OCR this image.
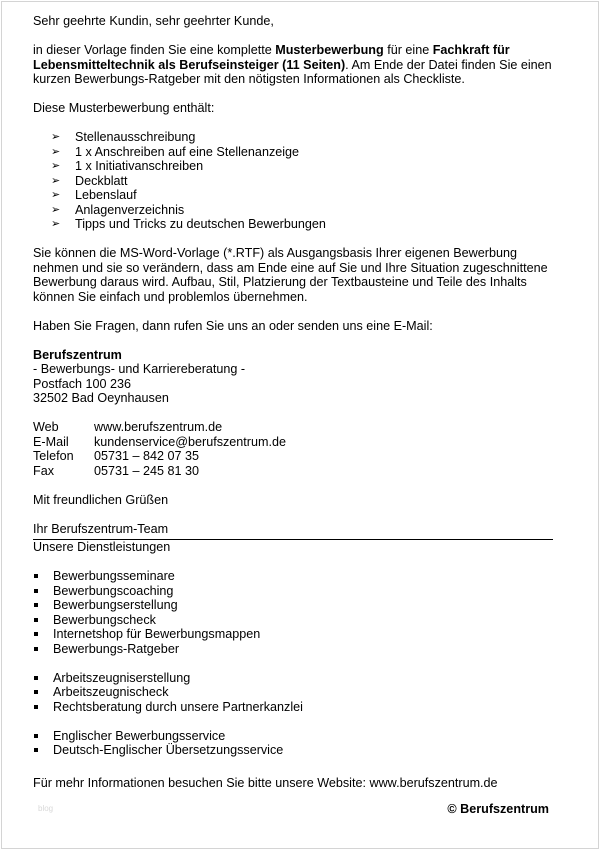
Sehr geehrte Kundin, sehr geehrter Kunde,

in dieser Vorlage finden Sie eine komplette Musterbewerbung für eine Fachkraft für Lebensmitteltechnik als Berufseinsteiger (11 Seiten). Am Ende der Datei finden Sie einen kurzen Bewerbungs-Ratgeber mit den nötigsten Informationen als Checkliste.

Diese Musterbewerbung enthält:

➢ Stellenausschreibung
➢ 1 x Anschreiben auf eine Stellenanzeige
➢ 1 x Initiativanschreiben
➢ Deckblatt
➢ Lebenslauf
➢ Anlagenverzeichnis
➢ Tipps und Tricks zu deutschen Bewerbungen

Sie können die MS-Word-Vorlage (*.RTF) als Ausgangsbasis Ihrer eigenen Bewerbung nehmen und sie so verändern, dass am Ende eine auf Sie und Ihre Situation zugeschnittene Bewerbung daraus wird. Aufbau, Stil, Platzierung der Textbausteine und Teile des Inhalts können Sie einfach und problemlos übernehmen.

Haben Sie Fragen, dann rufen Sie uns an oder senden uns eine E-Mail:

Berufszentrum

- Bewerbungs- und Karriereberatung -

Postfach 100 236

32502 Bad Oeynhausen

Web	www.berufszentrum.de
E-Mail	kundenservice@berufszentrum.de
Telefon	05731 – 842 07 35
Fax	05731 – 245 81 30

Mit freundlichen Grüßen

Ihr Berufszentrum-Team

Unsere Dienstleistungen

Bewerbungsseminare
Bewerbungscoaching
Bewerbungserstellung
Bewerbungscheck
Internetshop für Bewerbungsmappen
Bewerbungs-Ratgeber
Arbeitszeugniserstellung
Arbeitszeugnischeck
Rechtsberatung durch unsere Partnerkanzlei
Englischer Bewerbungsservice
Deutsch-Englischer Übersetzungsservice

Für mehr Informationen besuchen Sie bitte unsere Website: www.berufszentrum.de

blog	© Berufszentrum
